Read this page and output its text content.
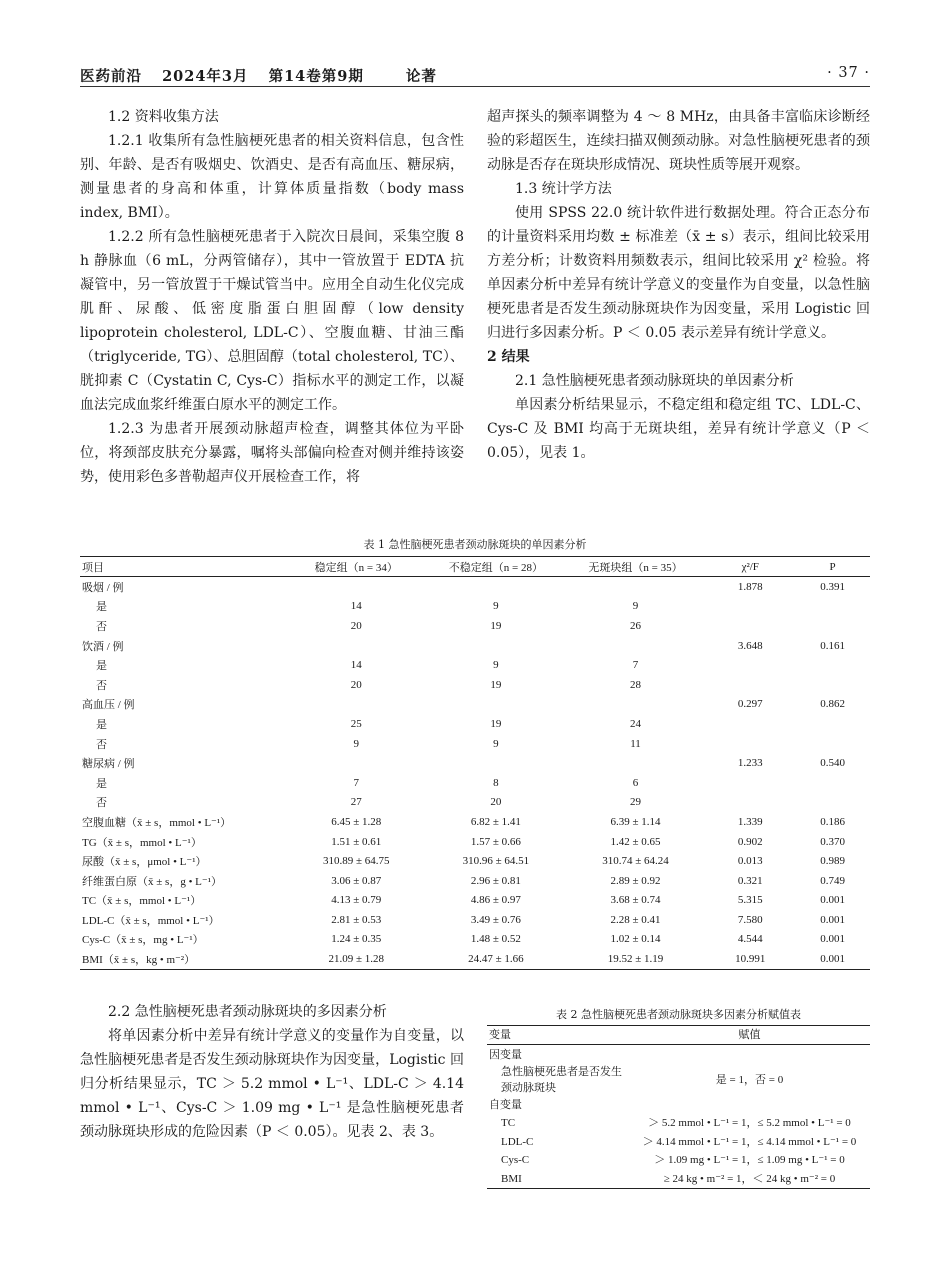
医药前沿 2024年3月 第14卷第9期	论著	· 37 ·

1.2 资料收集方法

1.2.1 收集所有急性脑梗死患者的相关资料信息，包含性别、年龄、是否有吸烟史、饮酒史、是否有高血压、糖尿病，测量患者的身高和体重，计算体质量指数（body mass index, BMI）。

1.2.2 所有急性脑梗死患者于入院次日晨间，采集空腹 8 h 静脉血（6 mL，分两管储存），其中一管放置于 EDTA 抗凝管中，另一管放置于干燥试管当中。应用全自动生化仪完成肌酐、尿酸、低密度脂蛋白胆固醇（low density lipoprotein cholesterol, LDL-C）、空腹血糖、甘油三酯（triglyceride, TG）、总胆固醇（total cholesterol, TC）、胱抑素 C（Cystatin C, Cys-C）指标水平的测定工作，以凝血法完成血浆纤维蛋白原水平的测定工作。

1.2.3 为患者开展颈动脉超声检查，调整其体位为平卧位，将颈部皮肤充分暴露，嘱将头部偏向检查对侧并维持该姿势，使用彩色多普勒超声仪开展检查工作，将

超声探头的频率调整为 4 ～ 8 MHz，由具备丰富临床诊断经验的彩超医生，连续扫描双侧颈动脉。对急性脑梗死患者的颈动脉是否存在斑块形成情况、斑块性质等展开观察。

1.3 统计学方法

使用 SPSS 22.0 统计软件进行数据处理。符合正态分布的计量资料采用均数 ± 标准差（x̄ ± s）表示，组间比较采用方差分析；计数资料用频数表示，组间比较采用 χ² 检验。将单因素分析中差异有统计学意义的变量作为自变量，以急性脑梗死患者是否发生颈动脉斑块作为因变量，采用 Logistic 回归进行多因素分析。P ＜ 0.05 表示差异有统计学意义。

2 结果

2.1 急性脑梗死患者颈动脉斑块的单因素分析

单因素分析结果显示，不稳定组和稳定组 TC、LDL-C、Cys-C 及 BMI 均高于无斑块组，差异有统计学意义（P ＜ 0.05），见表 1。

表 1 急性脑梗死患者颈动脉斑块的单因素分析
项目	稳定组（n = 34）	不稳定组（n = 28）	无斑块组（n = 35）	χ²/F	P
吸烟 / 例				1.878	0.391
是	14	9	9		
否	20	19	26		
饮酒 / 例				3.648	0.161
是	14	9	7		
否	20	19	28		
高血压 / 例				0.297	0.862
是	25	19	24		
否	9	9	11		
糖尿病 / 例				1.233	0.540
是	7	8	6		
否	27	20	29		
空腹血糖（x̄ ± s，mmol • L⁻¹）	6.45 ± 1.28	6.82 ± 1.41	6.39 ± 1.14	1.339	0.186
TG（x̄ ± s，mmol • L⁻¹）	1.51 ± 0.61	1.57 ± 0.66	1.42 ± 0.65	0.902	0.370
尿酸（x̄ ± s，μmol • L⁻¹）	310.89 ± 64.75	310.96 ± 64.51	310.74 ± 64.24	0.013	0.989
纤维蛋白原（x̄ ± s，g • L⁻¹）	3.06 ± 0.87	2.96 ± 0.81	2.89 ± 0.92	0.321	0.749
TC（x̄ ± s，mmol • L⁻¹）	4.13 ± 0.79	4.86 ± 0.97	3.68 ± 0.74	5.315	0.001
LDL-C（x̄ ± s，mmol • L⁻¹）	2.81 ± 0.53	3.49 ± 0.76	2.28 ± 0.41	7.580	0.001
Cys-C（x̄ ± s，mg • L⁻¹）	1.24 ± 0.35	1.48 ± 0.52	1.02 ± 0.14	4.544	0.001
BMI（x̄ ± s，kg • m⁻²）	21.09 ± 1.28	24.47 ± 1.66	19.52 ± 1.19	10.991	0.001

2.2 急性脑梗死患者颈动脉斑块的多因素分析

将单因素分析中差异有统计学意义的变量作为自变量，以急性脑梗死患者是否发生颈动脉斑块作为因变量，Logistic 回归分析结果显示，TC ＞ 5.2 mmol • L⁻¹、LDL-C ＞ 4.14 mmol • L⁻¹、Cys-C ＞ 1.09 mg • L⁻¹ 是急性脑梗死患者颈动脉斑块形成的危险因素（P ＜ 0.05）。见表 2、表 3。

表 2 急性脑梗死患者颈动脉斑块多因素分析赋值表
变量	赋值
因变量	
急性脑梗死患者是否发生颈动脉斑块	是 = 1，否 = 0
自变量	
TC	＞ 5.2 mmol • L⁻¹ = 1，≤ 5.2 mmol • L⁻¹ = 0
LDL-C	＞ 4.14 mmol • L⁻¹ = 1，≤ 4.14 mmol • L⁻¹ = 0
Cys-C	＞ 1.09 mg • L⁻¹ = 1，≤ 1.09 mg • L⁻¹ = 0
BMI	≥ 24 kg • m⁻² = 1，＜ 24 kg • m⁻² = 0
